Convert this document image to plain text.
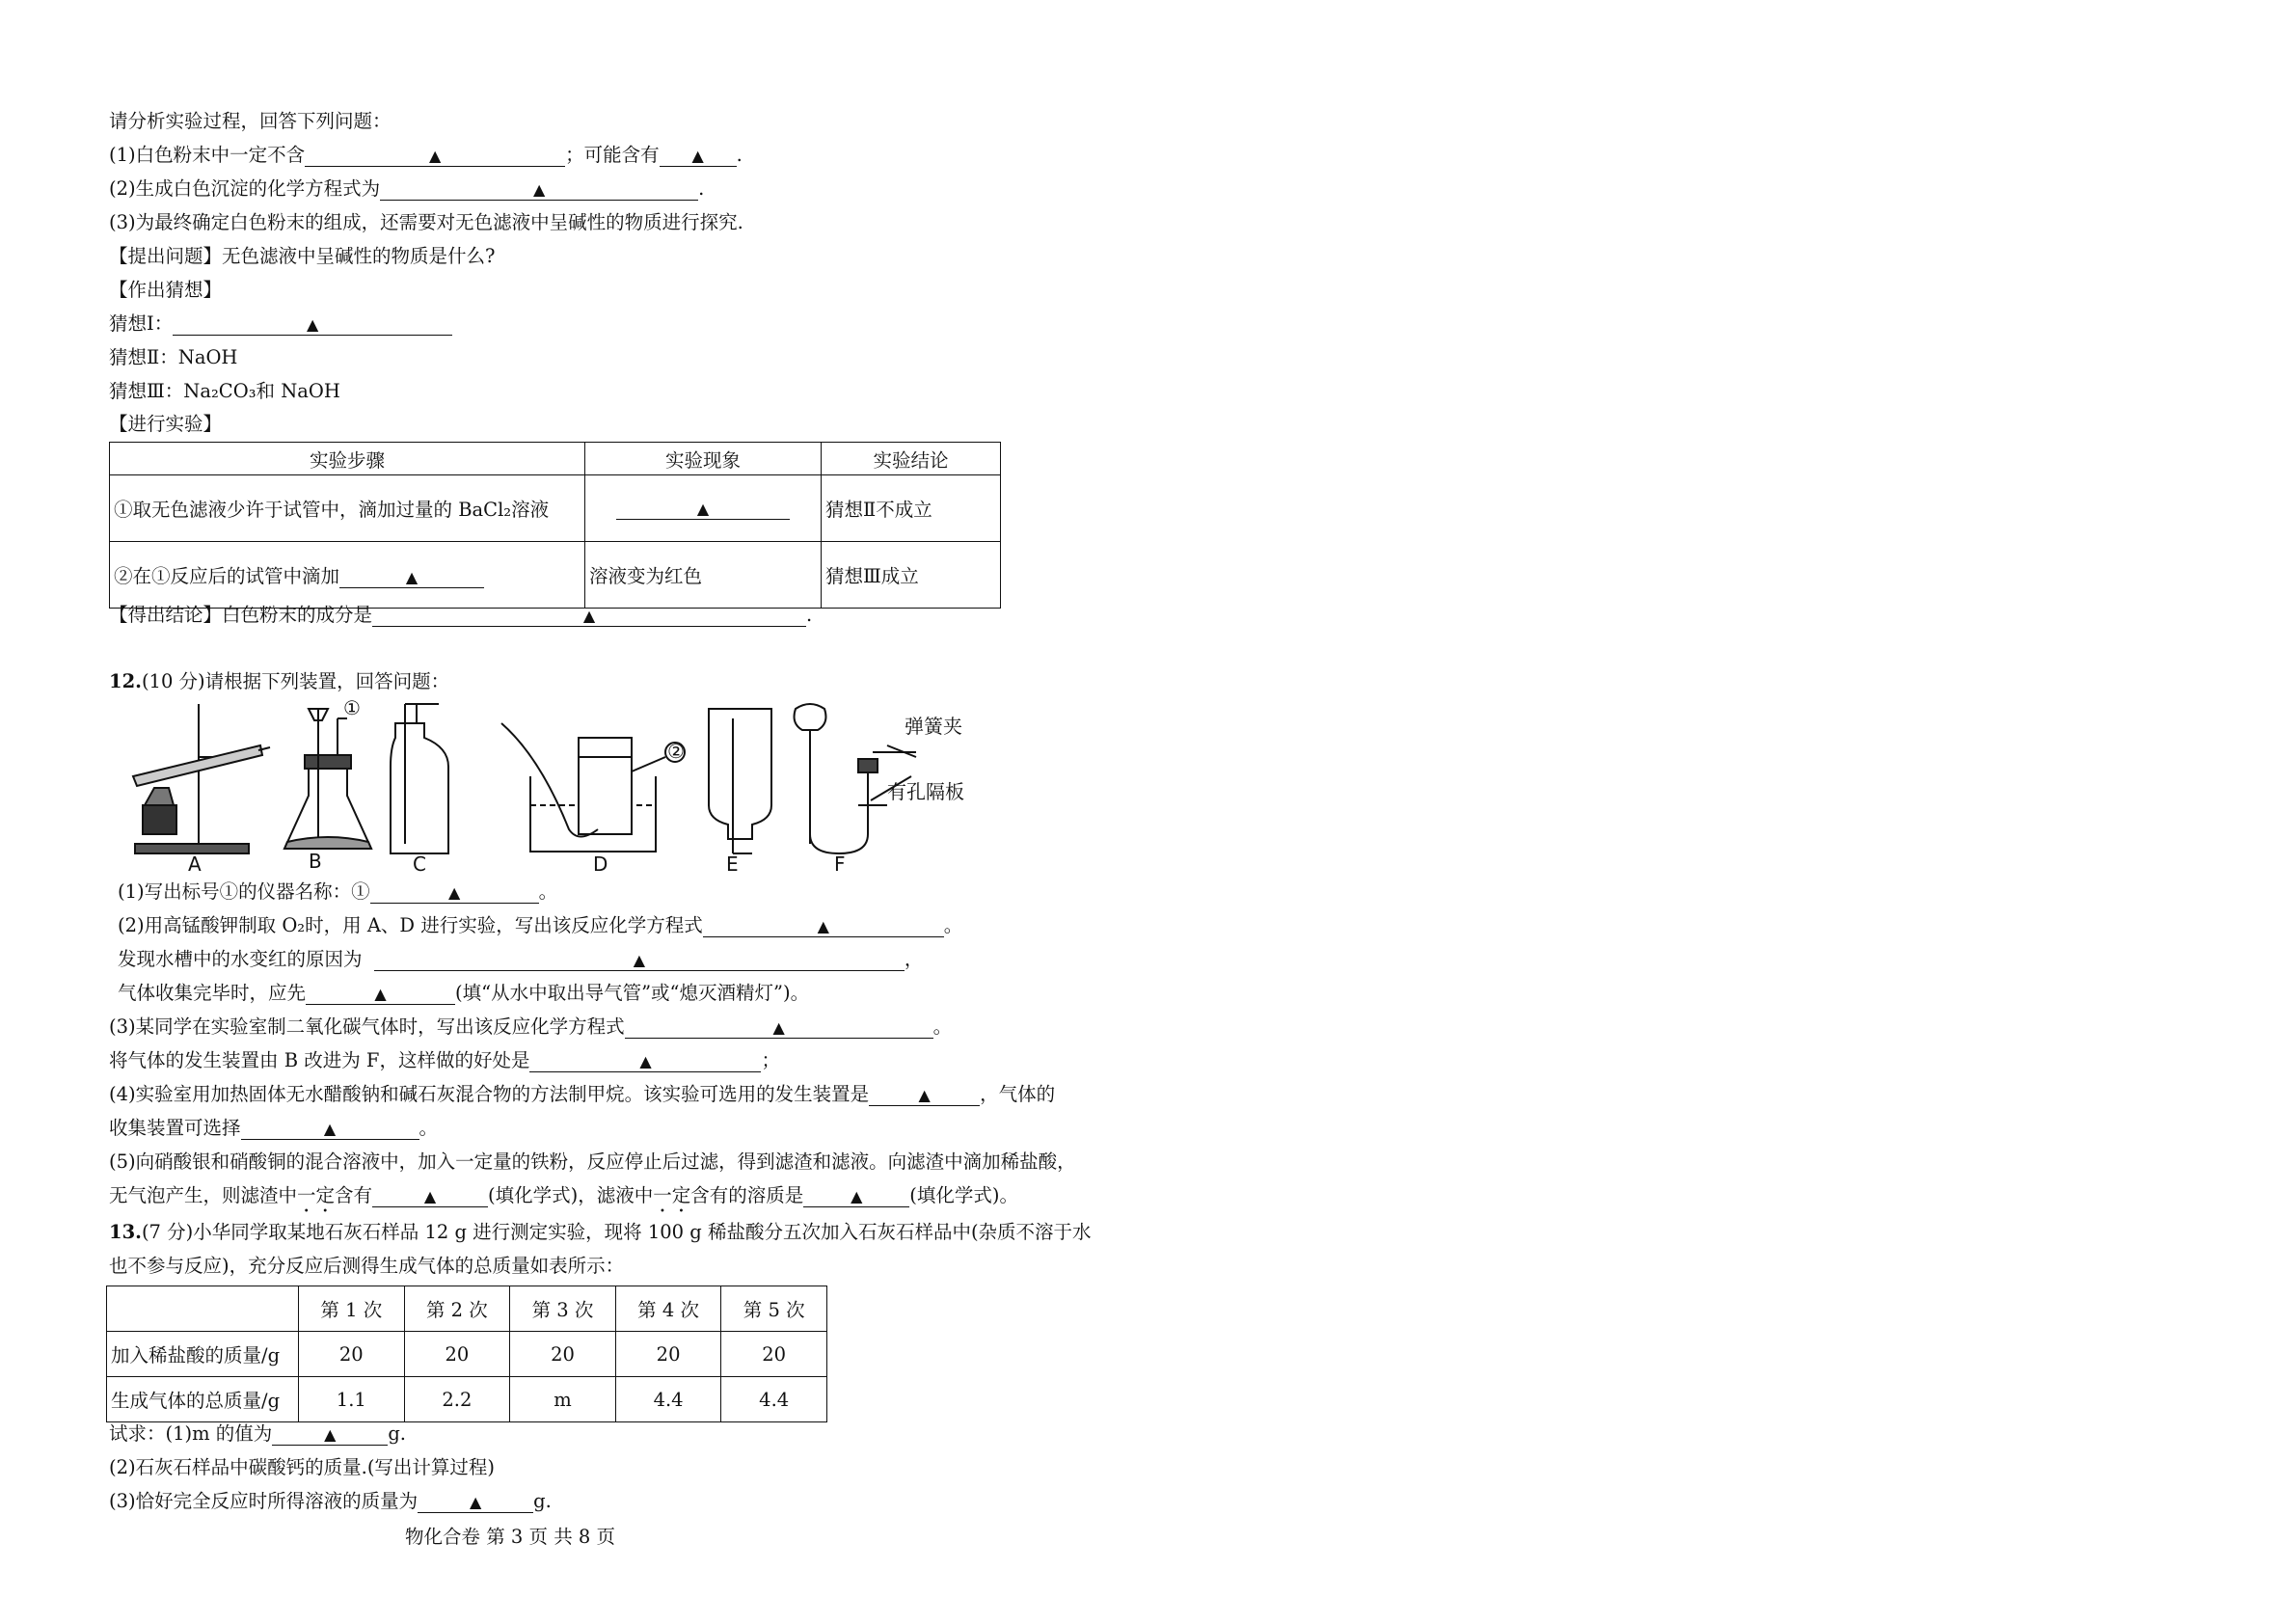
请分析实验过程，回答下列问题：
(1)白色粉末中一定不含	▲	；可能含有 ▲ .
(2)生成白色沉淀的化学方程式为	▲	.
(3)为最终确定白色粉末的组成，还需要对无色滤液中呈碱性的物质进行探究.
【提出问题】无色滤液中呈碱性的物质是什么?
【作出猜想】
猜想Ⅰ：	▲
猜想Ⅱ：NaOH
猜想Ⅲ：Na₂CO₃和 NaOH
【进行实验】
实验步骤	实验现象	实验结论
①取无色滤液少许于试管中，滴加过量的 BaCl₂溶液	▲	猜想Ⅱ不成立
②在①反应后的试管中滴加 ▲	溶液变为红色	猜想Ⅲ成立
【得出结论】白色粉末的成分是	▲	.
12.(10 分)请根据下列装置，回答问题：
A	B	C	D	E	F
①
②
弹簧夹
有孔隔板
(1)写出标号①的仪器名称：①	▲	。
(2)用高锰酸钾制取 O₂时，用 A、D 进行实验，写出该反应化学方程式	▲	。
发现水槽中的水变红的原因为	▲	，
气体收集完毕时，应先	▲	(填“从水中取出导气管”或“熄灭酒精灯”)。
(3)某同学在实验室制二氧化碳气体时，写出该反应化学方程式	▲	。
将气体的发生装置由 B 改进为 F，这样做的好处是	▲	；
(4)实验室用加热固体无水醋酸钠和碱石灰混合物的方法制甲烷。该实验可选用的发生装置是	▲	，气体的
收集装置可选择	▲	。
(5)向硝酸银和硝酸铜的混合溶液中，加入一定量的铁粉，反应停止后过滤，得到滤渣和滤液。向滤渣中滴加稀盐酸，
无气泡产生，则滤渣中一定含有	▲	(填化学式)，滤液中一定含有的溶质是	▲	(填化学式)。
13.(7 分)小华同学取某地石灰石样品 12 g 进行测定实验，现将 100 g 稀盐酸分五次加入石灰石样品中(杂质不溶于水
也不参与反应)，充分反应后测得生成气体的总质量如表所示：
	第 1 次	第 2 次	第 3 次	第 4 次	第 5 次
加入稀盐酸的质量/g	20	20	20	20	20
生成气体的总质量/g	1.1	2.2	m	4.4	4.4
试求：(1)m 的值为	▲	g.
(2)石灰石样品中碳酸钙的质量.(写出计算过程)
(3)恰好完全反应时所得溶液的质量为	▲	g.
物化合卷 第 3 页 共 8 页
